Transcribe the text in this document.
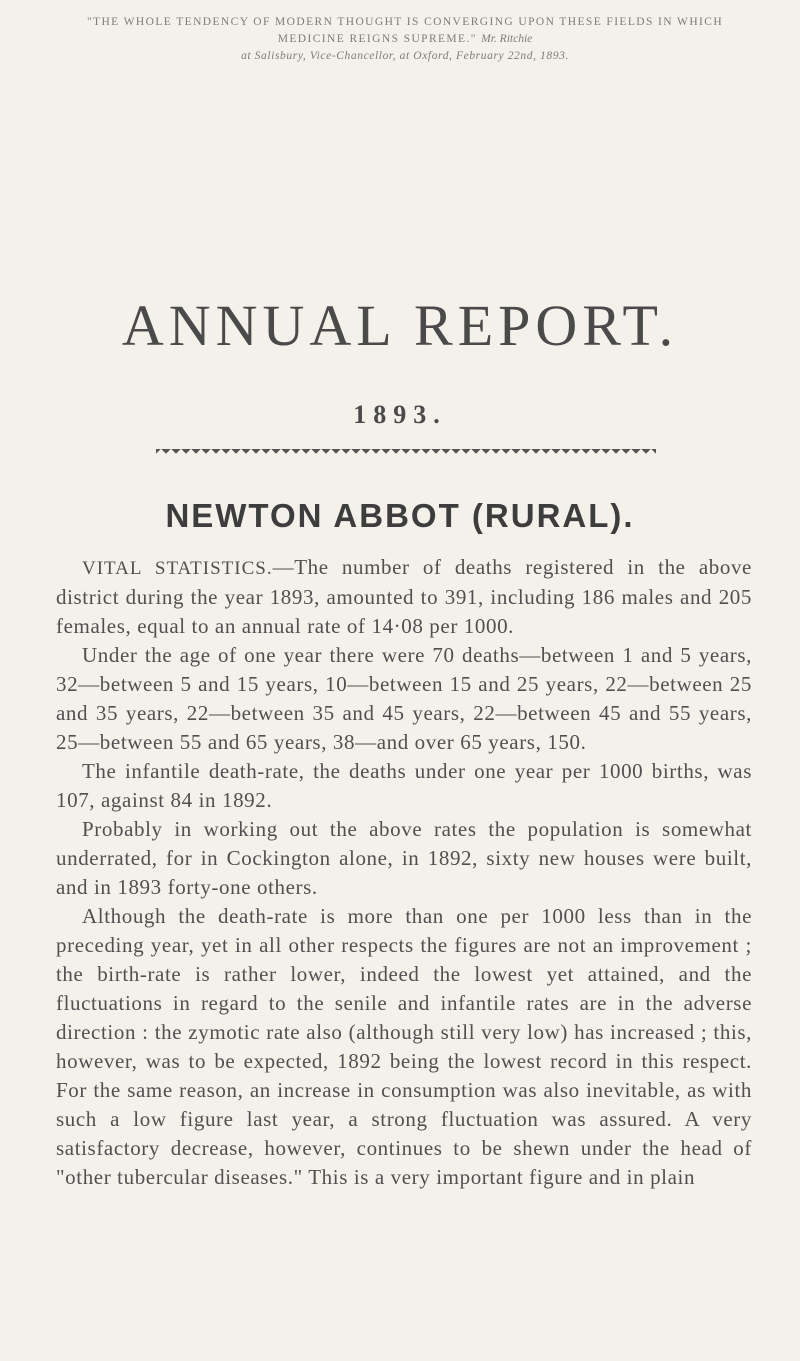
"THE WHOLE TENDENCY OF MODERN THOUGHT IS CONVERGING UPON THESE FIELDS IN WHICH MEDICINE REIGNS SUPREME." Mr. Ritchie
at Salisbury, Vice-Chancellor, at Oxford, February 22nd, 1893.
ANNUAL REPORT.
1893.
NEWTON ABBOT (RURAL).

VITAL STATISTICS.—The number of deaths registered in the above district during the year 1893, amounted to 391, including 186 males and 205 females, equal to an annual rate of 14·08 per 1000.

Under the age of one year there were 70 deaths—between 1 and 5 years, 32—between 5 and 15 years, 10—between 15 and 25 years, 22—between 25 and 35 years, 22—between 35 and 45 years, 22—between 45 and 55 years, 25—between 55 and 65 years, 38—and over 65 years, 150.

The infantile death-rate, the deaths under one year per 1000 births, was 107, against 84 in 1892.

Probably in working out the above rates the population is somewhat underrated, for in Cockington alone, in 1892, sixty new houses were built, and in 1893 forty-one others.

Although the death-rate is more than one per 1000 less than in the preceding year, yet in all other respects the figures are not an improvement ; the birth-rate is rather lower, indeed the lowest yet attained, and the fluctuations in regard to the senile and infantile rates are in the adverse direction : the zymotic rate also (although still very low) has increased ; this, however, was to be expected, 1892 being the lowest record in this respect. For the same reason, an increase in consumption was also inevitable, as with such a low figure last year, a strong fluctuation was assured. A very satisfactory decrease, however, continues to be shewn under the head of "other tubercular diseases." This is a very important figure and in plain
